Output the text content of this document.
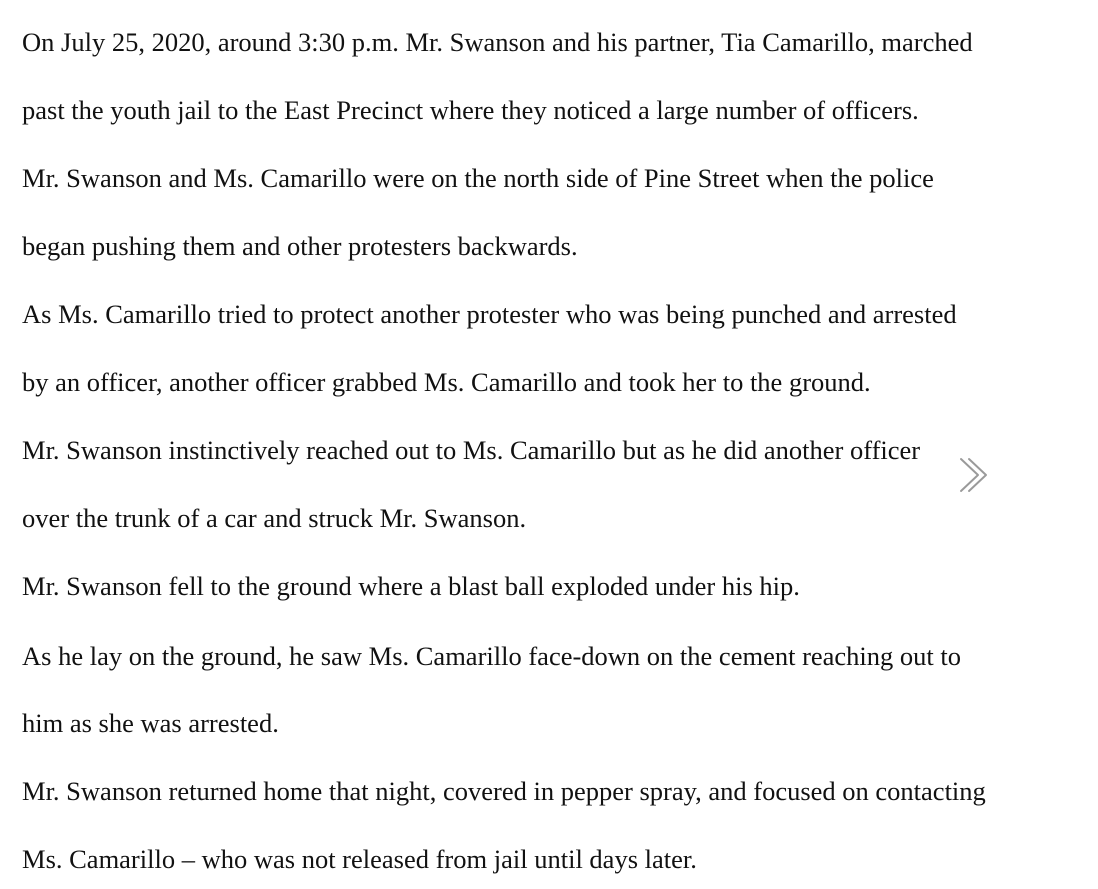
On July 25, 2020, around 3:30 p.m. Mr. Swanson and his partner, Tia Camarillo, marched
past the youth jail to the East Precinct where they noticed a large number of officers.
Mr. Swanson and Ms. Camarillo were on the north side of Pine Street when the police
began pushing them and other protesters backwards.
As Ms. Camarillo tried to protect another protester who was being punched and arrested
by an officer, another officer grabbed Ms. Camarillo and took her to the ground.
Mr. Swanson instinctively reached out to Ms. Camarillo but as he did another officer
over the trunk of a car and struck Mr. Swanson.
Mr. Swanson fell to the ground where a blast ball exploded under his hip.
As he lay on the ground, he saw Ms. Camarillo face-down on the cement reaching out to
him as she was arrested.
Mr. Swanson returned home that night, covered in pepper spray, and focused on contacting
Ms. Camarillo – who was not released from jail until days later.
